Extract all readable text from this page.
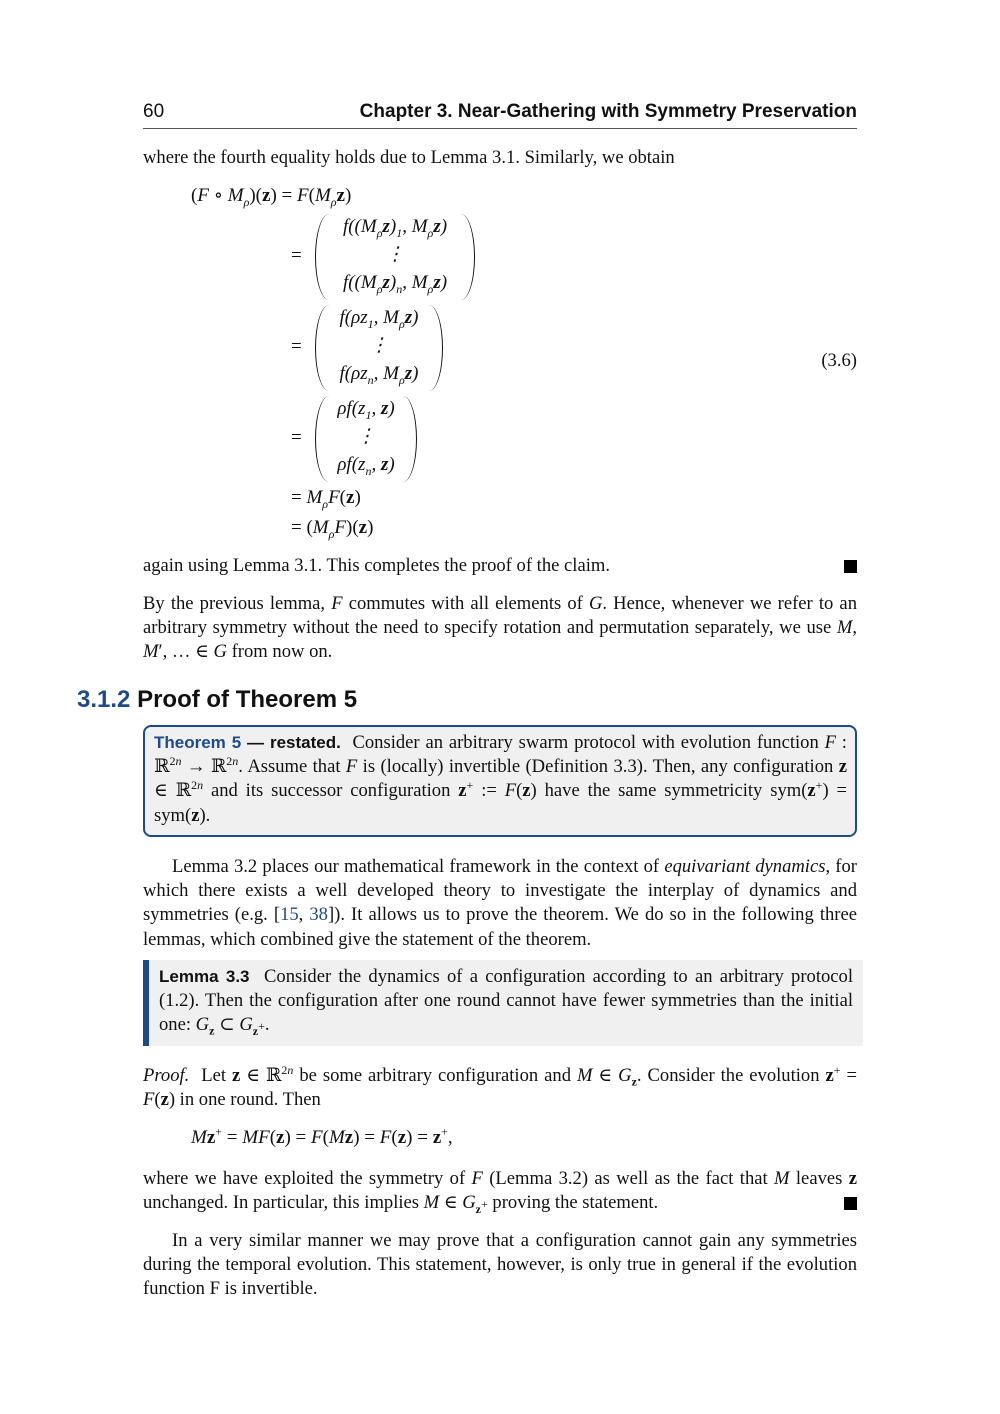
60	Chapter 3. Near-Gathering with Symmetry Preservation
where the fourth equality holds due to Lemma 3.1. Similarly, we obtain
(F ∘ $M_\rho)(z) = F(M_\rho z)$
=
$f((M_\rho z)_1$, $M_\rho z$)
⋮
$f((M_\rho z)_n$, $M_\rho z$)
=
$f(\rho z_1$, $M_\rho z$)
⋮
$f(\rho z_n$, $M_\rho z$)
(3.6)
=
$\rho f(z_1$, z)
⋮
$\rho f(z_n$, z)
= $M_\rho F(z)$
= $(M_\rho F)(z)$
again using Lemma 3.1. This completes the proof of the claim.
By the previous lemma, F commutes with all elements of G. Hence, whenever we refer to an arbitrary symmetry without the need to specify rotation and permutation separately, we use M, M′, … ∈ G from now on.
3.1.2 Proof of Theorem 5
Theorem 5 — restated.  Consider an arbitrary swarm protocol with evolution function F : ℝ$^{2n}$ → ℝ$^{2n}$. Assume that F is (locally) invertible (Definition 3.3). Then, any configuration z ∈ ℝ$^{2n}$ and its successor configuration z+ := F(z) have the same symmetricity sym(z+) = sym(z).
Lemma 3.2 places our mathematical framework in the context of equivariant dynamics, for which there exists a well developed theory to investigate the interplay of dynamics and symmetries (e.g. [15, 38]). It allows us to prove the theorem. We do so in the following three lemmas, which combined give the statement of the theorem.
Lemma 3.3  Consider the dynamics of a configuration according to an arbitrary protocol (1.2). Then the configuration after one round cannot have fewer symmetries than the initial one: $G_z$ ⊂ $G_{z^+}$.
Proof.  Let z ∈ ℝ$^{2n}$ be some arbitrary configuration and M ∈ $G_z$. Consider the evolution z+ = F(z) in one round. Then
Mz+ = MF(z) = F(Mz) = F(z) = z+,
where we have exploited the symmetry of F (Lemma 3.2) as well as the fact that M leaves z unchanged. In particular, this implies M ∈ $G_{z^+}$ proving the statement.
In a very similar manner we may prove that a configuration cannot gain any symmetries during the temporal evolution. This statement, however, is only true in general if the evolution function F is invertible.
